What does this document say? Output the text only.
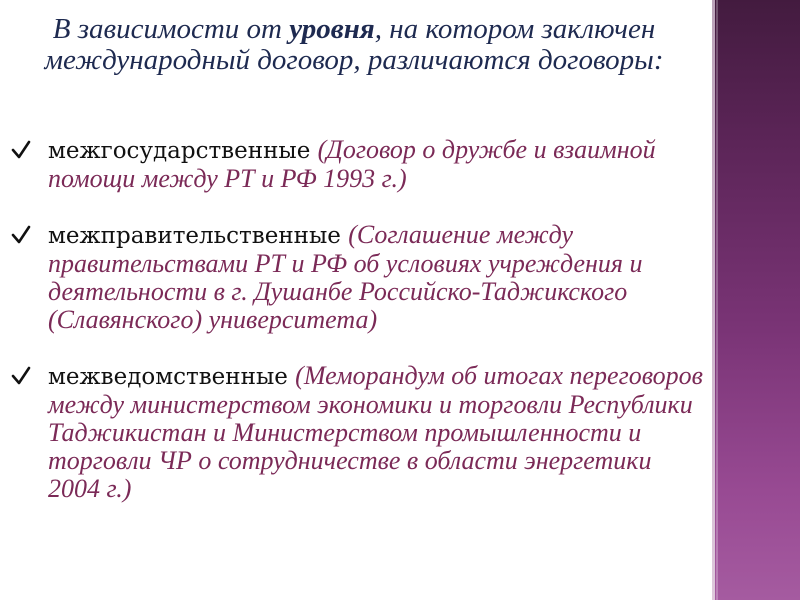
В зависимости от уровня, на котором заключен международный договор, различаются договоры:

межгосударственные (Договор о дружбе и взаимной помощи между РТ и РФ 1993 г.)
межправительственные (Соглашение между правительствами РТ и РФ об условиях учреждения и деятельности в г. Душанбе Российско-Таджикского (Славянского) университета)
межведомственные (Меморандум об итогах переговоров между министерством экономики и торговли Республики Таджикистан и Министерством промышленности и торговли ЧР о сотрудничестве в области энергетики 2004 г.)
